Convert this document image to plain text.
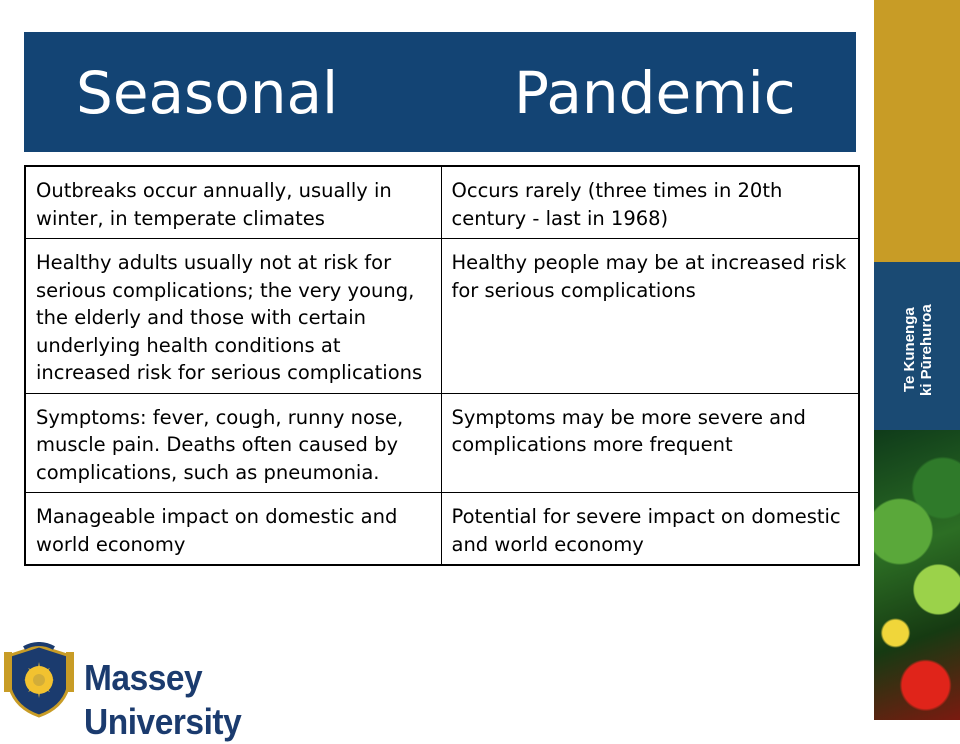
Te Kunenga ki Pūrehuroa
Seasonal	Pandemic
Outbreaks occur annually, usually in winter, in temperate climates	Occurs rarely (three times in 20th century - last in 1968)
Healthy adults usually not at risk for serious complications; the very young, the elderly and those with certain underlying health conditions at increased risk for serious complications	Healthy people may be at increased risk for serious complications
Symptoms: fever, cough, runny nose, muscle pain. Deaths often caused by complications, such as pneumonia.	Symptoms may be more severe and complications more frequent
Manageable impact on domestic and world economy	Potential for severe impact on domestic and world economy
Massey University
